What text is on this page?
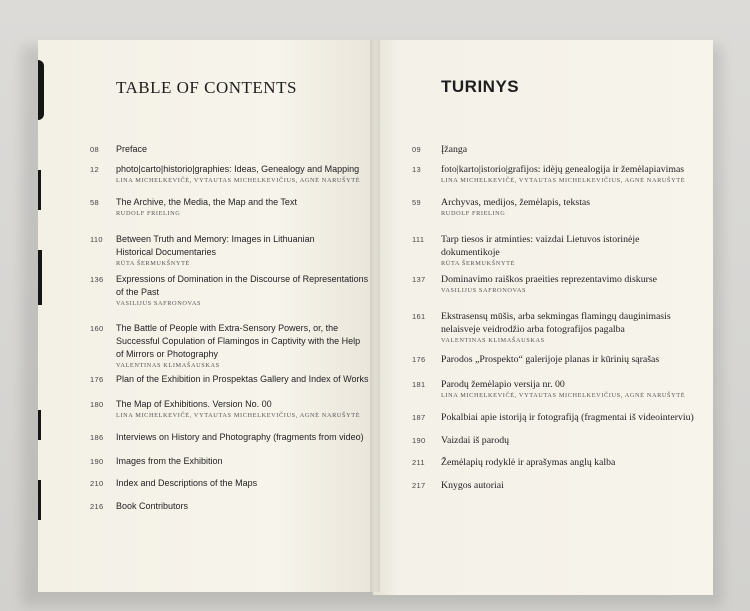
TABLE OF CONTENTS	TURINYS
08 Preface
12 photo|carto|historio|graphies: Ideas, Genealogy and Mapping
LINA MICHELKEVIČĖ, VYTAUTAS MICHELKEVIČIUS, AGNĖ NARUŠYTĖ
58 The Archive, the Media, the Map and the Text
RUDOLF FRIELING
110 Between Truth and Memory: Images in Lithuanian
Historical Documentaries
RŪTA ŠERMUKŠNYTĖ
136 Expressions of Domination in the Discourse of Representations
of the Past
VASILIJUS SAFRONOVAS
160 The Battle of People with Extra-Sensory Powers, or, the
Successful Copulation of Flamingos in Captivity with the Help
of Mirrors or Photography
VALENTINAS KLIMAŠAUSKAS
176 Plan of the Exhibition in Prospektas Gallery and Index of Works
180 The Map of Exhibitions. Version No. 00
LINA MICHELKEVIČĖ, VYTAUTAS MICHELKEVIČIUS, AGNĖ NARUŠYTĖ
186 Interviews on History and Photography (fragments from video)
190 Images from the Exhibition
210 Index and Descriptions of the Maps
216 Book Contributors
09 Įžanga
13 foto|karto|istorio|grafijos: idėjų genealogija ir žemėlapiavimas
LINA MICHELKEVIČĖ, VYTAUTAS MICHELKEVIČIUS, AGNĖ NARUŠYTĖ
59 Archyvas, medijos, žemėlapis, tekstas
RUDOLF FRIELING
111 Tarp tiesos ir atminties: vaizdai Lietuvos istorinėje
dokumentikoje
RŪTA ŠERMUKŠNYTĖ
137 Dominavimo raiškos praeities reprezentavimo diskurse
VASILIJUS SAFRONOVAS
161 Ekstrasensų mūšis, arba sekmingas flamingų dauginimasis
nelaisveje veidrodžio arba fotografijos pagalba
VALENTINAS KLIMAŠAUSKAS
176 Parodos „Prospekto“ galerijoje planas ir kūrinių sąrašas
181 Parodų žemėlapio versija nr. 00
LINA MICHELKEVIČĖ, VYTAUTAS MICHELKEVIČIUS, AGNĖ NARUŠYTĖ
187 Pokalbiai apie istoriją ir fotografiją (fragmentai iš videointerviu)
190 Vaizdai iš parodų
211 Žemėlapių rodyklė ir aprašymas anglų kalba
217 Knygos autoriai
